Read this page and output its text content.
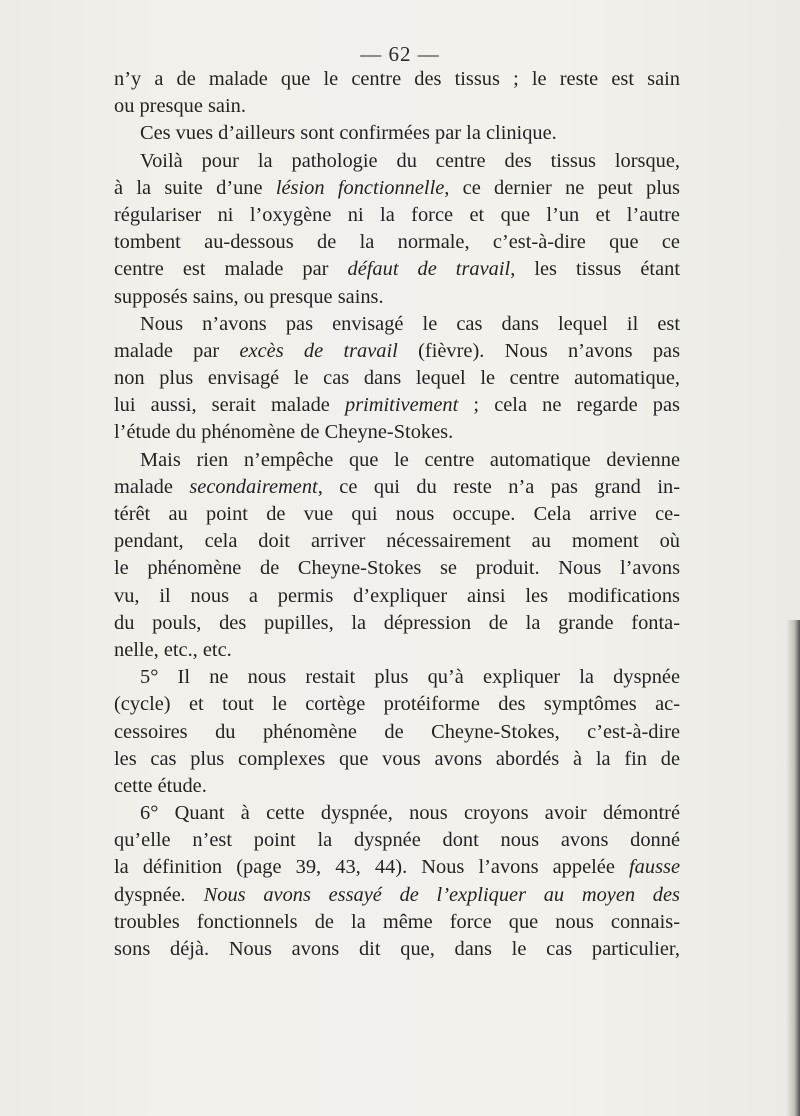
— 62 —
n’y a de malade que le centre des tissus ; le reste est sain
ou presque sain.
Ces vues d’ailleurs sont confirmées par la clinique.
Voilà pour la pathologie du centre des tissus lorsque,
à la suite d’une lésion fonctionnelle, ce dernier ne peut plus
régulariser ni l’oxygène ni la force et que l’un et l’autre
tombent au-dessous de la normale, c’est-à-dire que ce
centre est malade par défaut de travail, les tissus étant
supposés sains, ou presque sains.
Nous n’avons pas envisagé le cas dans lequel il est
malade par excès de travail (fièvre). Nous n’avons pas
non plus envisagé le cas dans lequel le centre automatique,
lui aussi, serait malade primitivement ; cela ne regarde pas
l’étude du phénomène de Cheyne-Stokes.
Mais rien n’empêche que le centre automatique devienne
malade secondairement, ce qui du reste n’a pas grand in-
térêt au point de vue qui nous occupe. Cela arrive ce-
pendant, cela doit arriver nécessairement au moment où
le phénomène de Cheyne-Stokes se produit. Nous l’avons
vu, il nous a permis d’expliquer ainsi les modifications
du pouls, des pupilles, la dépression de la grande fonta-
nelle, etc., etc.
5° Il ne nous restait plus qu’à expliquer la dyspnée
(cycle) et tout le cortège protéiforme des symptômes ac-
cessoires du phénomène de Cheyne-Stokes, c’est-à-dire
les cas plus complexes que vous avons abordés à la fin de
cette étude.
6° Quant à cette dyspnée, nous croyons avoir démontré
qu’elle n’est point la dyspnée dont nous avons donné
la définition (page 39, 43, 44). Nous l’avons appelée fausse
dyspnée. Nous avons essayé de l’expliquer au moyen des
troubles fonctionnels de la même force que nous connais-
sons déjà. Nous avons dit que, dans le cas particulier,
